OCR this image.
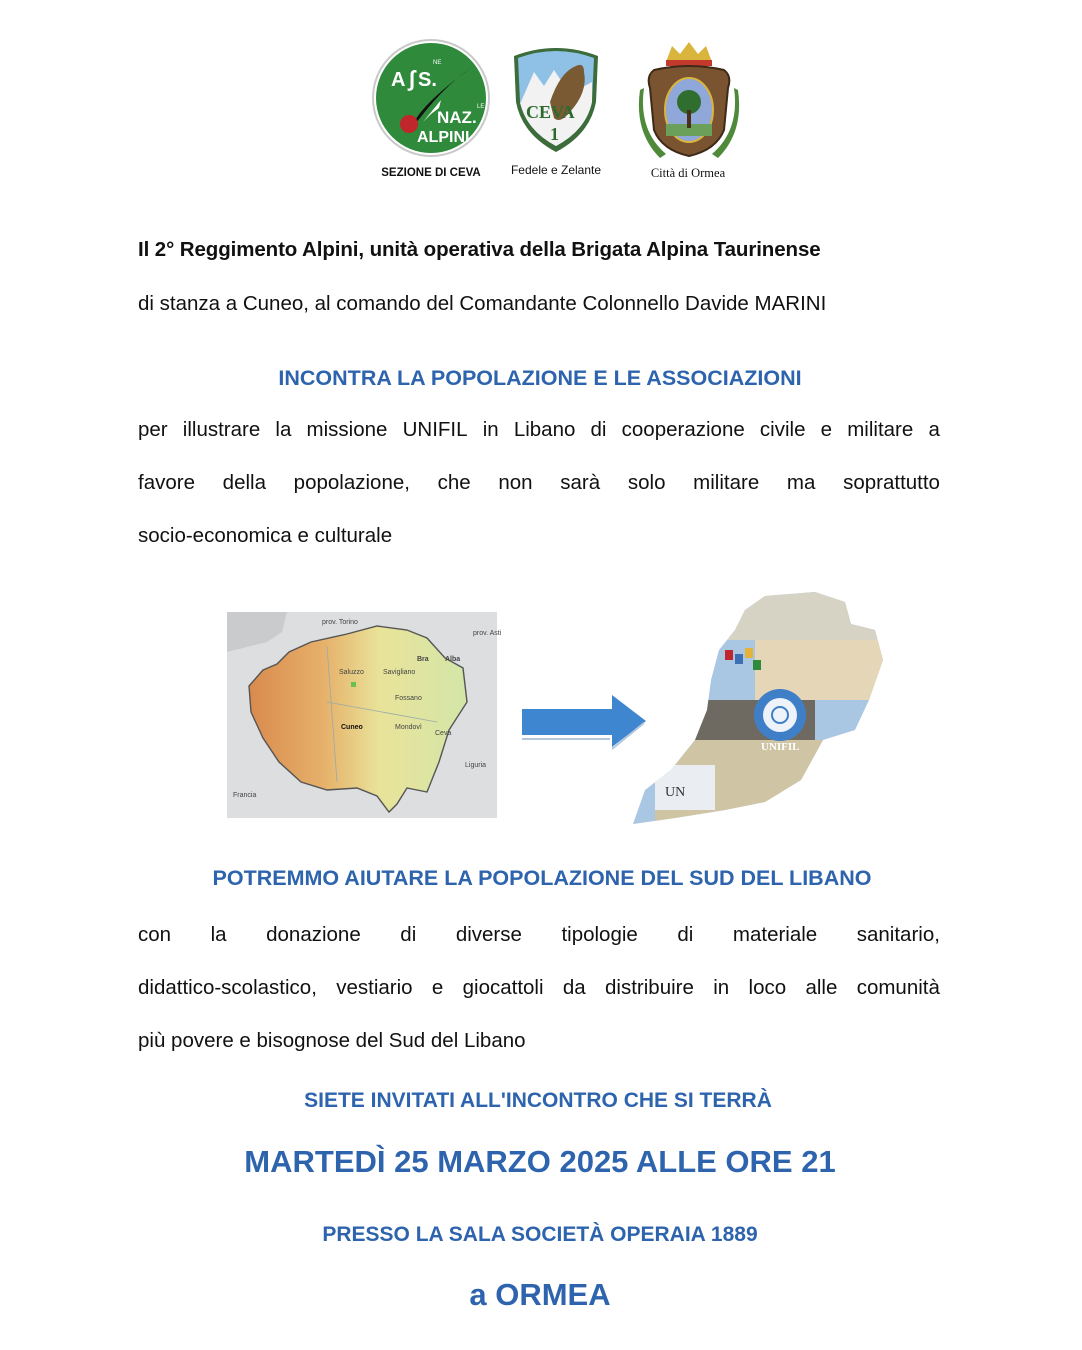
A ∫ S.
NE
NAZ.
LE
ALPINI
SEZIONE DI CEVA
CEVA
1
Fedele e Zelante	Città di Ormea
Il 2° Reggimento Alpini, unità operativa della Brigata Alpina Taurinense
di stanza a Cuneo, al comando del Comandante Colonnello Davide MARINI
INCONTRA LA POPOLAZIONE E LE ASSOCIAZIONI
per illustrare la missione UNIFIL in Libano di cooperazione civile e militare a
favore della popolazione, che non sarà solo militare ma soprattutto
socio-economica e culturale
prov. Torino
prov. Asti
Alba
Bra
Savigliano
Saluzzo
Fossano
Cuneo	Mondovì
Ceva
Liguria
Francia
UNIFIL
UN
POTREMMO AIUTARE LA POPOLAZIONE DEL SUD DEL LIBANO
con la donazione di diverse tipologie di materiale sanitario,
didattico-scolastico, vestiario e giocattoli da distribuire in loco alle comunità
più povere e bisognose del Sud del Libano
SIETE INVITATI ALL'INCONTRO CHE SI TERRÀ
MARTEDÌ 25 MARZO 2025 ALLE ORE 21
PRESSO LA SALA SOCIETÀ OPERAIA 1889
a ORMEA
